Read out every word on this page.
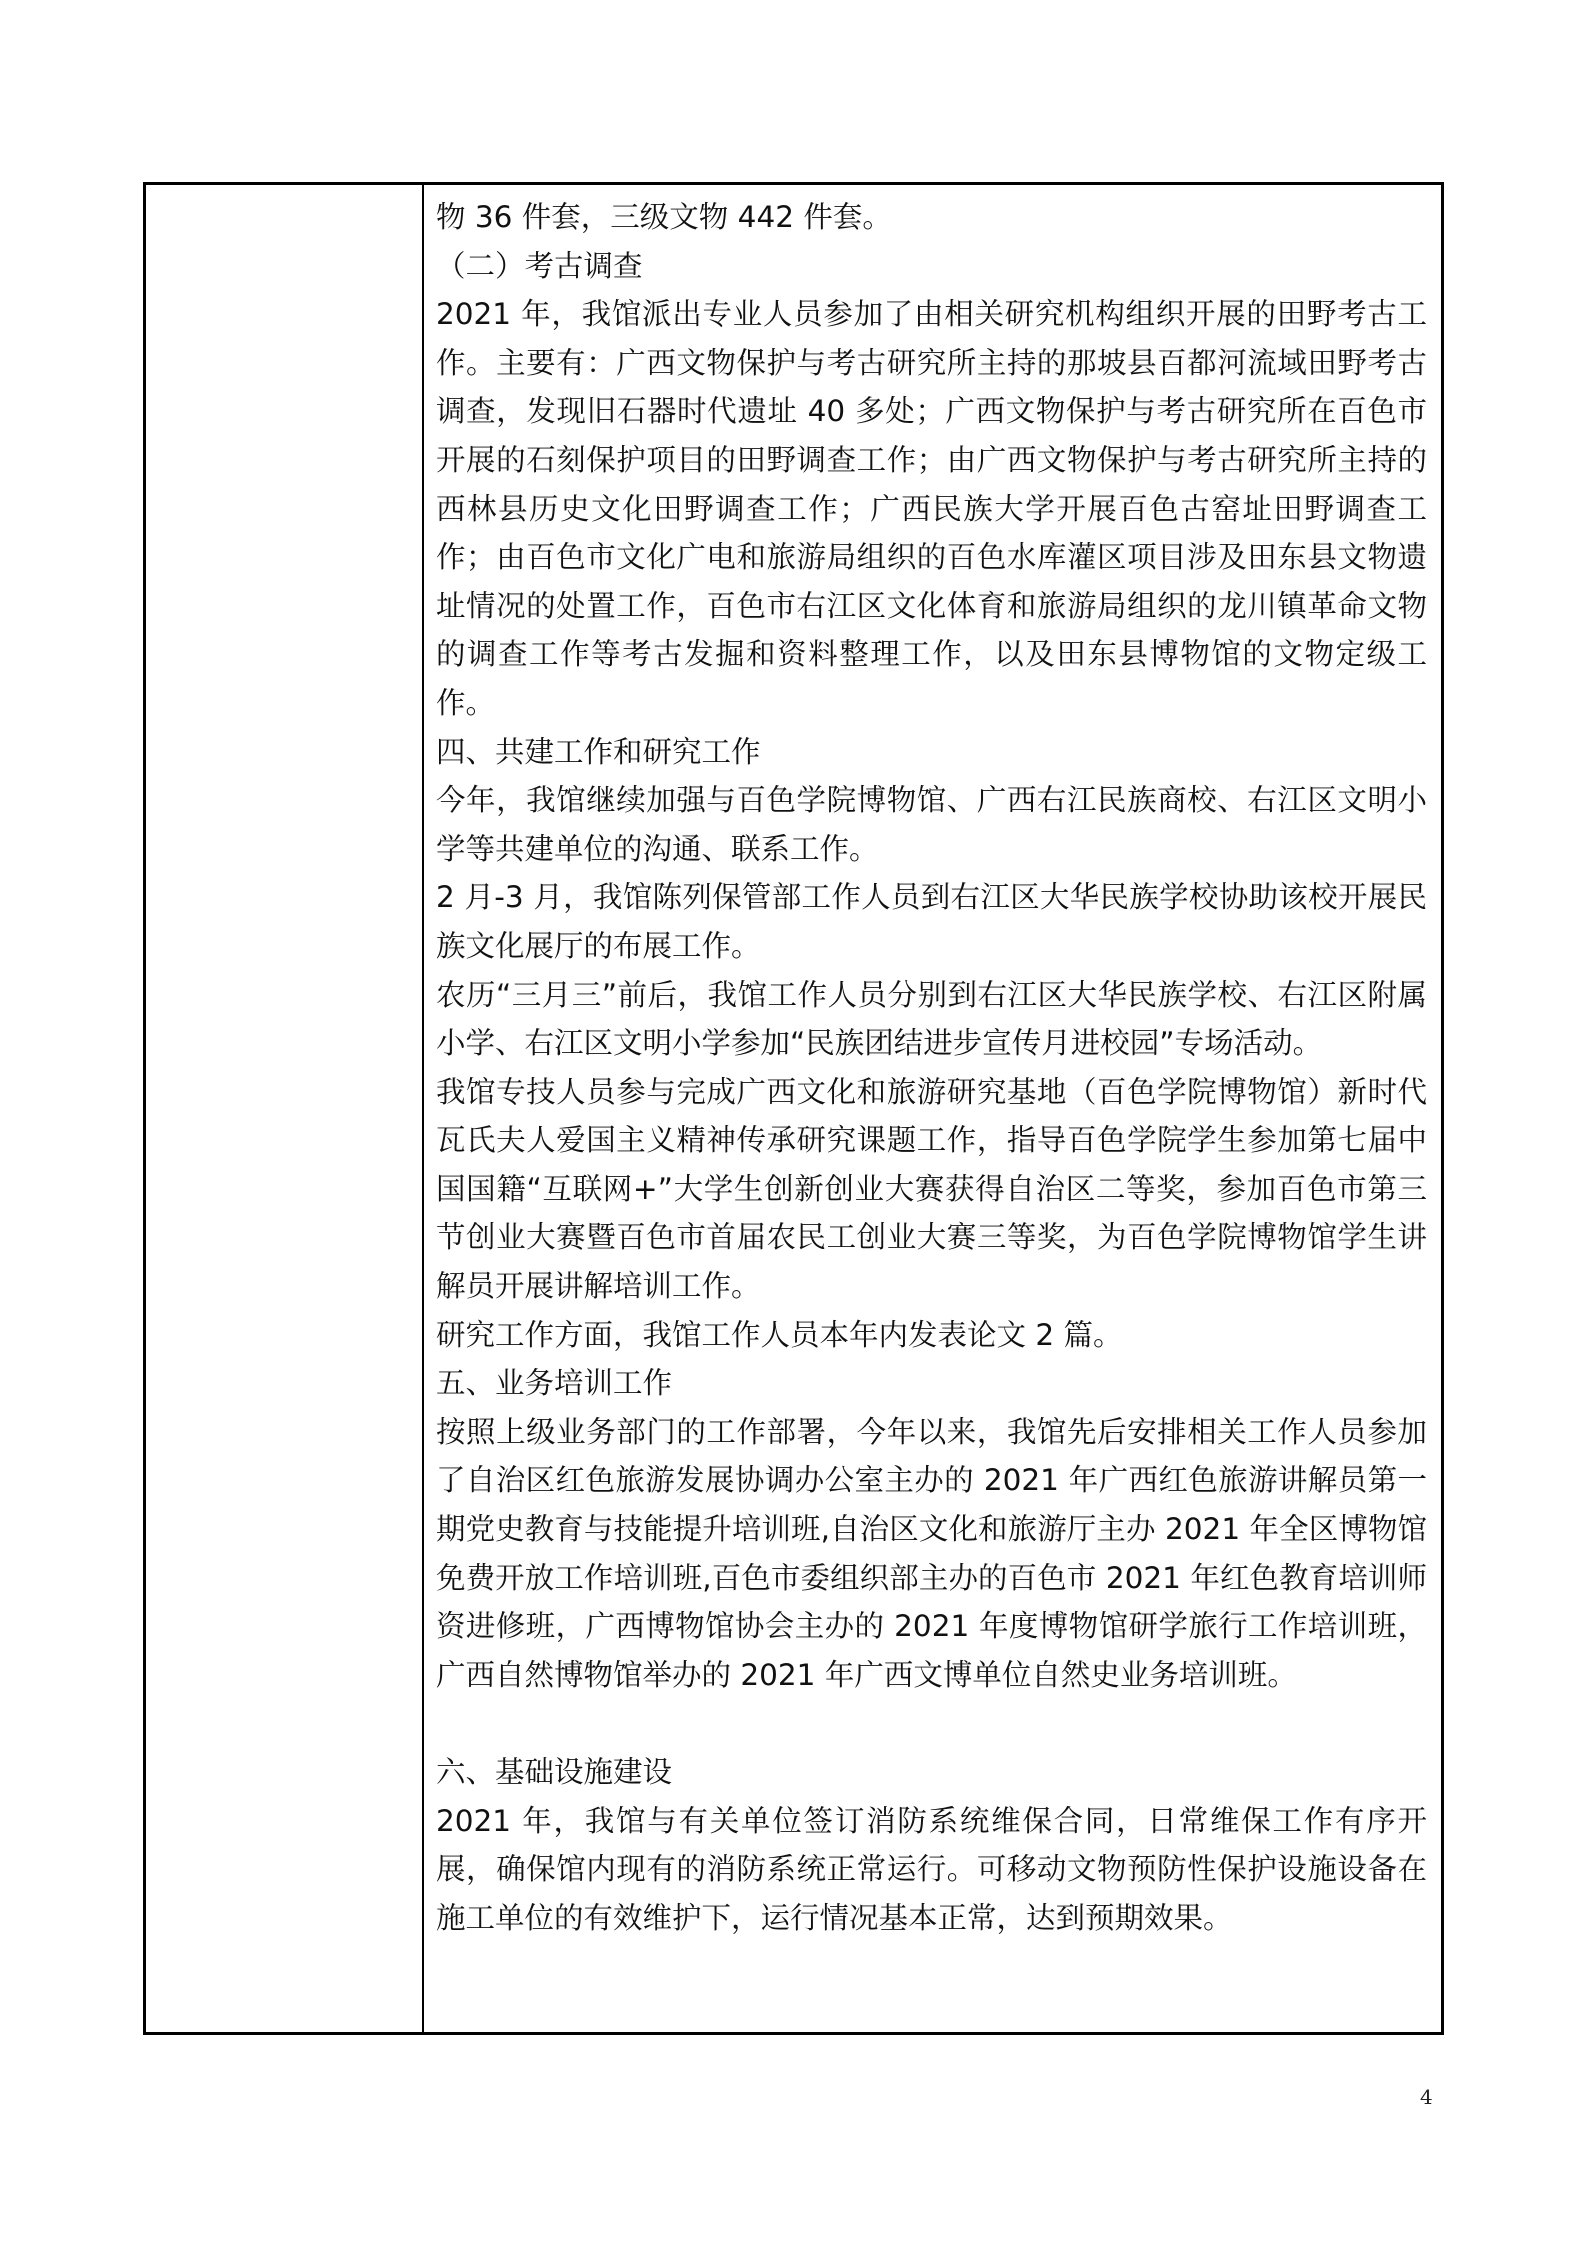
物 36 件套，三级文物 442 件套。

（二）考古调查

2021 年，我馆派出专业人员参加了由相关研究机构组织开展的田野考古工作。主要有：广西文物保护与考古研究所主持的那坡县百都河流域田野考古调查，发现旧石器时代遗址 40 多处；广西文物保护与考古研究所在百色市开展的石刻保护项目的田野调查工作；由广西文物保护与考古研究所主持的西林县历史文化田野调查工作；广西民族大学开展百色古窑址田野调查工作；由百色市文化广电和旅游局组织的百色水库灌区项目涉及田东县文物遗址情况的处置工作，百色市右江区文化体育和旅游局组织的龙川镇革命文物的调查工作等考古发掘和资料整理工作，以及田东县博物馆的文物定级工作。

四、共建工作和研究工作

今年，我馆继续加强与百色学院博物馆、广西右江民族商校、右江区文明小学等共建单位的沟通、联系工作。

2 月-3 月，我馆陈列保管部工作人员到右江区大华民族学校协助该校开展民族文化展厅的布展工作。

农历“三月三”前后，我馆工作人员分别到右江区大华民族学校、右江区附属小学、右江区文明小学参加“民族团结进步宣传月进校园”专场活动。

我馆专技人员参与完成广西文化和旅游研究基地（百色学院博物馆）新时代瓦氏夫人爱国主义精神传承研究课题工作，指导百色学院学生参加第七届中国国籍“互联网+”大学生创新创业大赛获得自治区二等奖，参加百色市第三节创业大赛暨百色市首届农民工创业大赛三等奖，为百色学院博物馆学生讲解员开展讲解培训工作。

研究工作方面，我馆工作人员本年内发表论文 2 篇。

五、业务培训工作

按照上级业务部门的工作部署，今年以来，我馆先后安排相关工作人员参加了自治区红色旅游发展协调办公室主办的 2021 年广西红色旅游讲解员第一期党史教育与技能提升培训班,自治区文化和旅游厅主办 2021 年全区博物馆免费开放工作培训班,百色市委组织部主办的百色市 2021 年红色教育培训师资进修班，广西博物馆协会主办的 2021 年度博物馆研学旅行工作培训班，广西自然博物馆举办的 2021 年广西文博单位自然史业务培训班。

六、基础设施建设

2021 年，我馆与有关单位签订消防系统维保合同，日常维保工作有序开展，确保馆内现有的消防系统正常运行。可移动文物预防性保护设施设备在施工单位的有效维护下，运行情况基本正常，达到预期效果。

4
